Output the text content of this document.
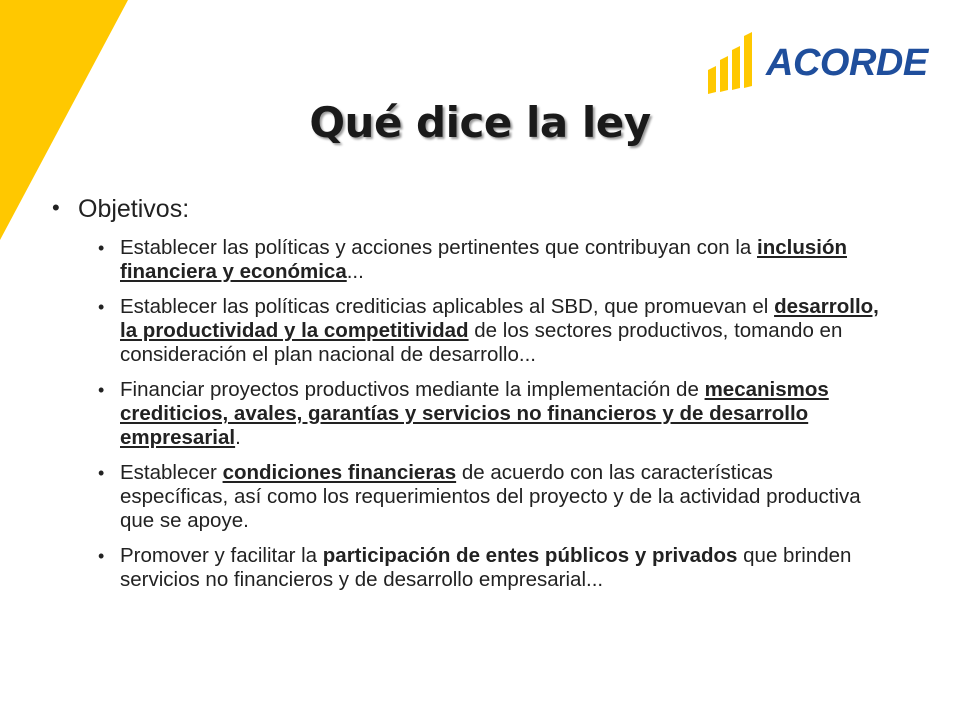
ACORDE
Qué dice la ley
• Objetivos:
• Establecer las políticas y acciones pertinentes que contribuyan con la inclusión financiera y económica...
• Establecer las políticas crediticias aplicables al SBD, que promuevan el desarrollo, la productividad y la competitividad de los sectores productivos, tomando en consideración el plan nacional de desarrollo...
• Financiar proyectos productivos mediante la implementación de mecanismos crediticios, avales, garantías y servicios no financieros y de desarrollo empresarial.
• Establecer condiciones financieras de acuerdo con las características específicas, así como los requerimientos del proyecto y de la actividad productiva que se apoye.
• Promover y facilitar la participación de entes públicos y privados que brinden servicios no financieros y de desarrollo empresarial...
